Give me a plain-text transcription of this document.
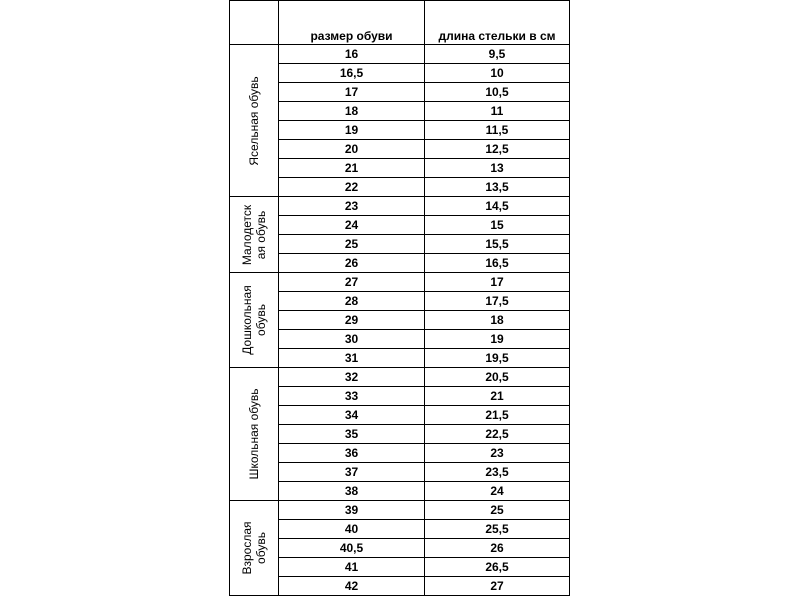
размер обуви	длина стельки в см
Ясельная обувь
16	9,5
16,5	10
17	10,5
18	11
19	11,5
20	12,5
21	13
22	13,5
Малодетск ая обувь
23	14,5
24	15
25	15,5
26	16,5
Дошкольная обувь
27	17
28	17,5
29	18
30	19
31	19,5
Школьная обувь
32	20,5
33	21
34	21,5
35	22,5
36	23
37	23,5
38	24
Взрослая обувь
39	25
40	25,5
40,5	26
41	26,5
42	27
